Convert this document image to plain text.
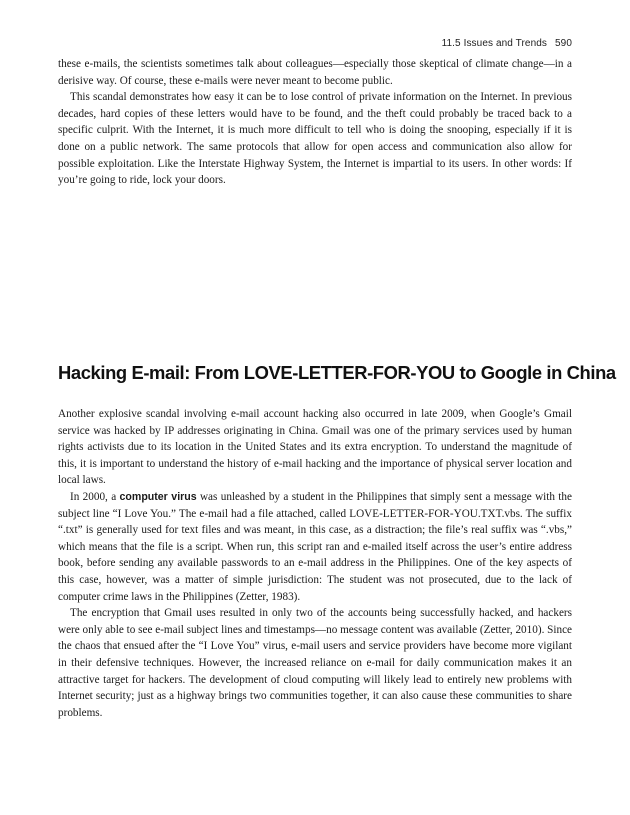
11.5 Issues and Trends 590

these e-mails, the scientists sometimes talk about colleagues—especially those skeptical of climate change—in a derisive way. Of course, these e-mails were never meant to become public.

This scandal demonstrates how easy it can be to lose control of private information on the Internet. In previous decades, hard copies of these letters would have to be found, and the theft could probably be traced back to a specific culprit. With the Internet, it is much more difficult to tell who is doing the snooping, especially if it is done on a public network. The same protocols that allow for open access and communication also allow for possible exploitation. Like the Interstate Highway System, the Internet is impartial to its users. In other words: If you’re going to ride, lock your doors.

Hacking E-mail: From LOVE-LETTER-FOR-YOU to Google in China

Another explosive scandal involving e-mail account hacking also occurred in late 2009, when Google’s Gmail service was hacked by IP addresses originating in China. Gmail was one of the primary services used by human rights activists due to its location in the United States and its extra encryption. To understand the magnitude of this, it is important to understand the history of e-mail hacking and the importance of physical server location and local laws.

In 2000, a computer virus was unleashed by a student in the Philippines that simply sent a message with the subject line “I Love You.” The e-mail had a file attached, called LOVE-LETTER-FOR-YOU.TXT.vbs. The suffix “.txt” is generally used for text files and was meant, in this case, as a distraction; the file’s real suffix was “.vbs,” which means that the file is a script. When run, this script ran and e-mailed itself across the user’s entire address book, before sending any available passwords to an e-mail address in the Philippines. One of the key aspects of this case, however, was a matter of simple jurisdiction: The student was not prosecuted, due to the lack of computer crime laws in the Philippines (Zetter, 1983).

The encryption that Gmail uses resulted in only two of the accounts being successfully hacked, and hackers were only able to see e-mail subject lines and timestamps—no message content was available (Zetter, 2010). Since the chaos that ensued after the “I Love You” virus, e-mail users and service providers have become more vigilant in their defensive techniques. However, the increased reliance on e-mail for daily communication makes it an attractive target for hackers. The development of cloud computing will likely lead to entirely new problems with Internet security; just as a highway brings two communities together, it can also cause these communities to share problems.
